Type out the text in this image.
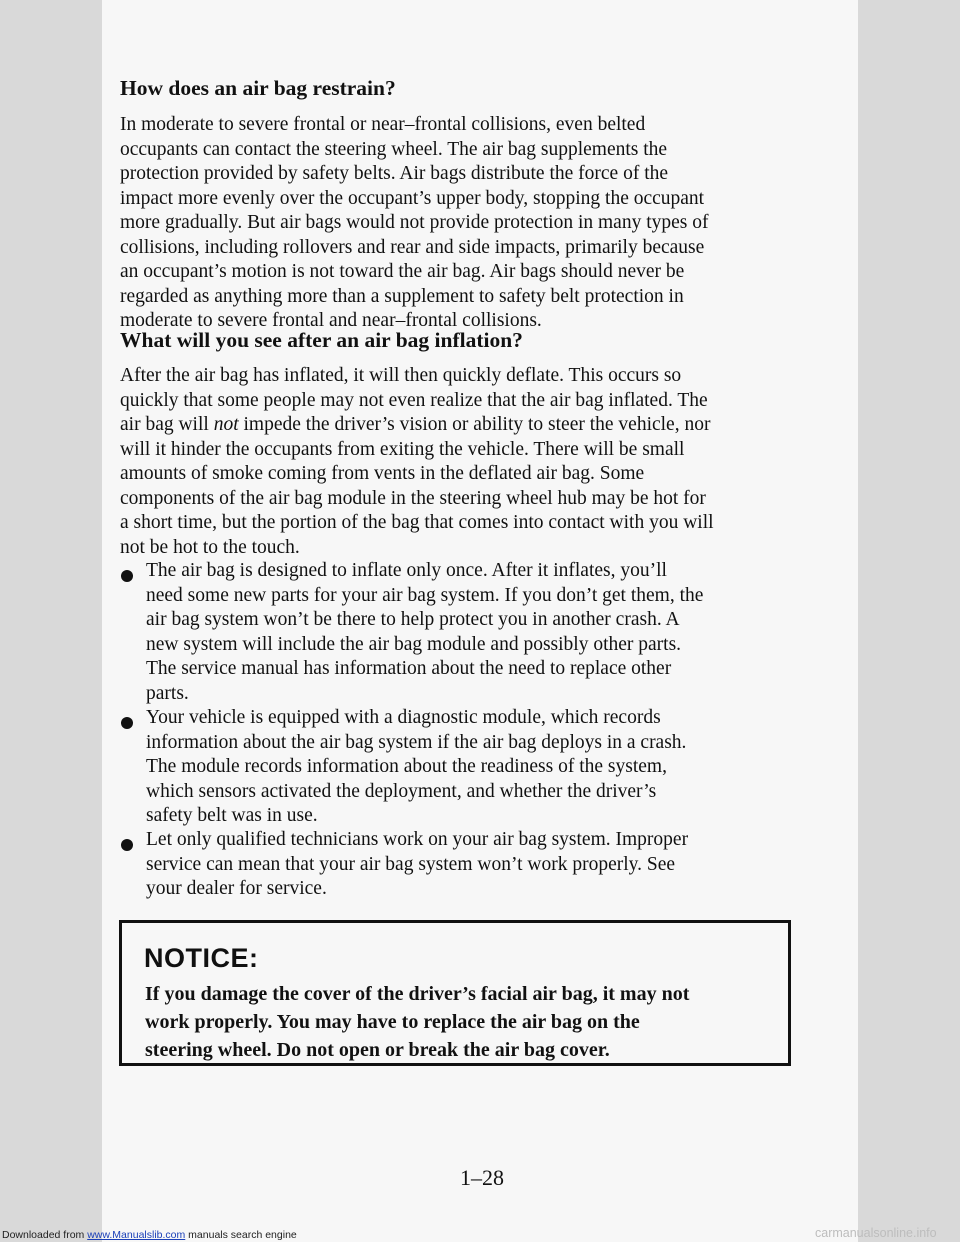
How does an air bag restrain?

In moderate to severe frontal or near–frontal collisions, even belted
occupants can contact the steering wheel. The air bag supplements the
protection provided by safety belts. Air bags distribute the force of the
impact more evenly over the occupant’s upper body, stopping the occupant
more gradually. But air bags would not provide protection in many types of
collisions, including rollovers and rear and side impacts, primarily because
an occupant’s motion is not toward the air bag. Air bags should never be
regarded as anything more than a supplement to safety belt protection in
moderate to severe frontal and near–frontal collisions.

What will you see after an air bag inflation?

After the air bag has inflated, it will then quickly deflate. This occurs so
quickly that some people may not even realize that the air bag inflated. The
air bag will not impede the driver’s vision or ability to steer the vehicle, nor
will it hinder the occupants from exiting the vehicle. There will be small
amounts of smoke coming from vents in the deflated air bag. Some
components of the air bag module in the steering wheel hub may be hot for
a short time, but the portion of the bag that comes into contact with you will
not be hot to the touch.

The air bag is designed to inflate only once. After it inflates, you’ll
need some new parts for your air bag system. If you don’t get them, the
air bag system won’t be there to help protect you in another crash. A
new system will include the air bag module and possibly other parts.
The service manual has information about the need to replace other
parts.

Your vehicle is equipped with a diagnostic module, which records
information about the air bag system if the air bag deploys in a crash.
The module records information about the readiness of the system,
which sensors activated the deployment, and whether the driver’s
safety belt was in use.

Let only qualified technicians work on your air bag system. Improper
service can mean that your air bag system won’t work properly. See
your dealer for service.

NOTICE:

If you damage the cover of the driver’s facial air bag, it may not
work properly. You may have to replace the air bag on the
steering wheel. Do not open or break the air bag cover.

1–28

Downloaded from www.Manualslib.com manuals search engine	carmanualsonline.info
